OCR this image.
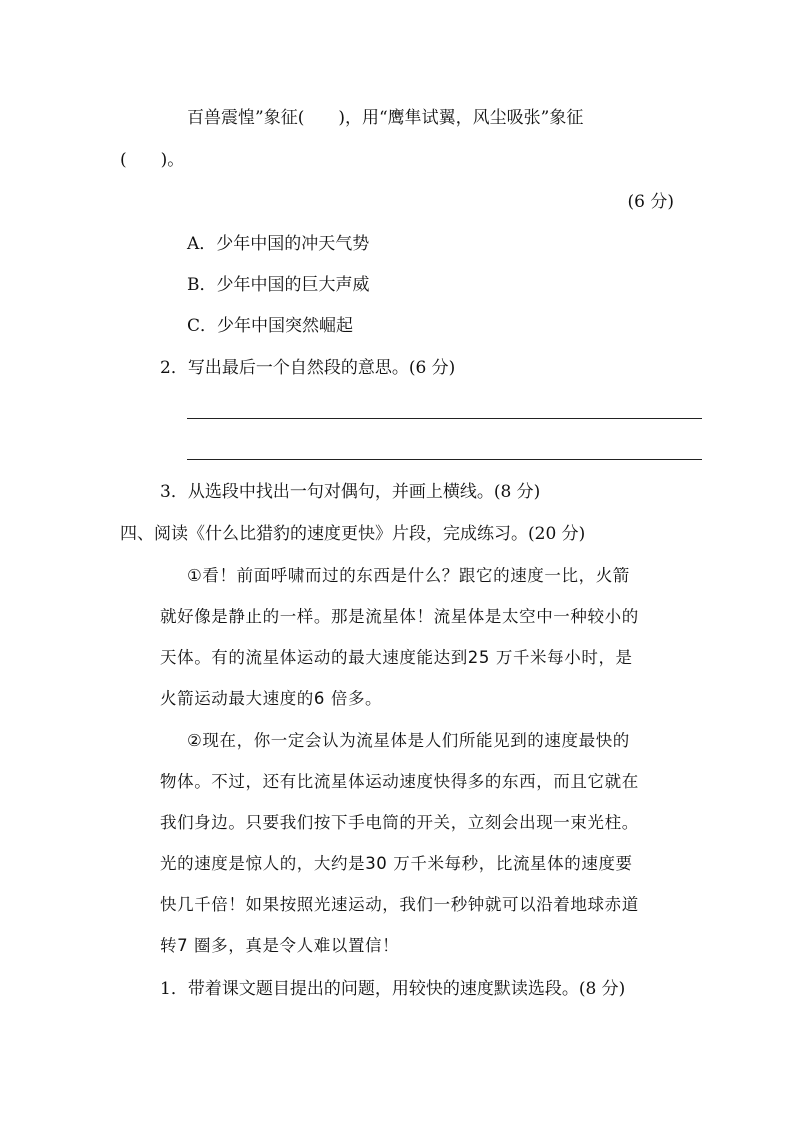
百兽震惶”象征(　　)，用“鹰隼试翼，风尘吸张”象征
(　　)。
(6 分)
A．少年中国的冲天气势
B．少年中国的巨大声威
C．少年中国突然崛起
2．写出最后一个自然段的意思。(6 分)
3．从选段中找出一句对偶句，并画上横线。(8 分)
四、阅读《什么比猎豹的速度更快》片段，完成练习。(20 分)
①看！前面呼啸而过的东西是什么？跟它的速度一比，火箭
就好像是静止的一样。那是流星体！流星体是太空中一种较小的
天体。有的流星体运动的最大速度能达到25 万千米每小时，是
火箭运动最大速度的6 倍多。
②现在，你一定会认为流星体是人们所能见到的速度最快的
物体。不过，还有比流星体运动速度快得多的东西，而且它就在
我们身边。只要我们按下手电筒的开关，立刻会出现一束光柱。
光的速度是惊人的，大约是30 万千米每秒，比流星体的速度要
快几千倍！如果按照光速运动，我们一秒钟就可以沿着地球赤道
转7 圈多，真是令人难以置信！
1．带着课文题目提出的问题，用较快的速度默读选段。(8 分)
